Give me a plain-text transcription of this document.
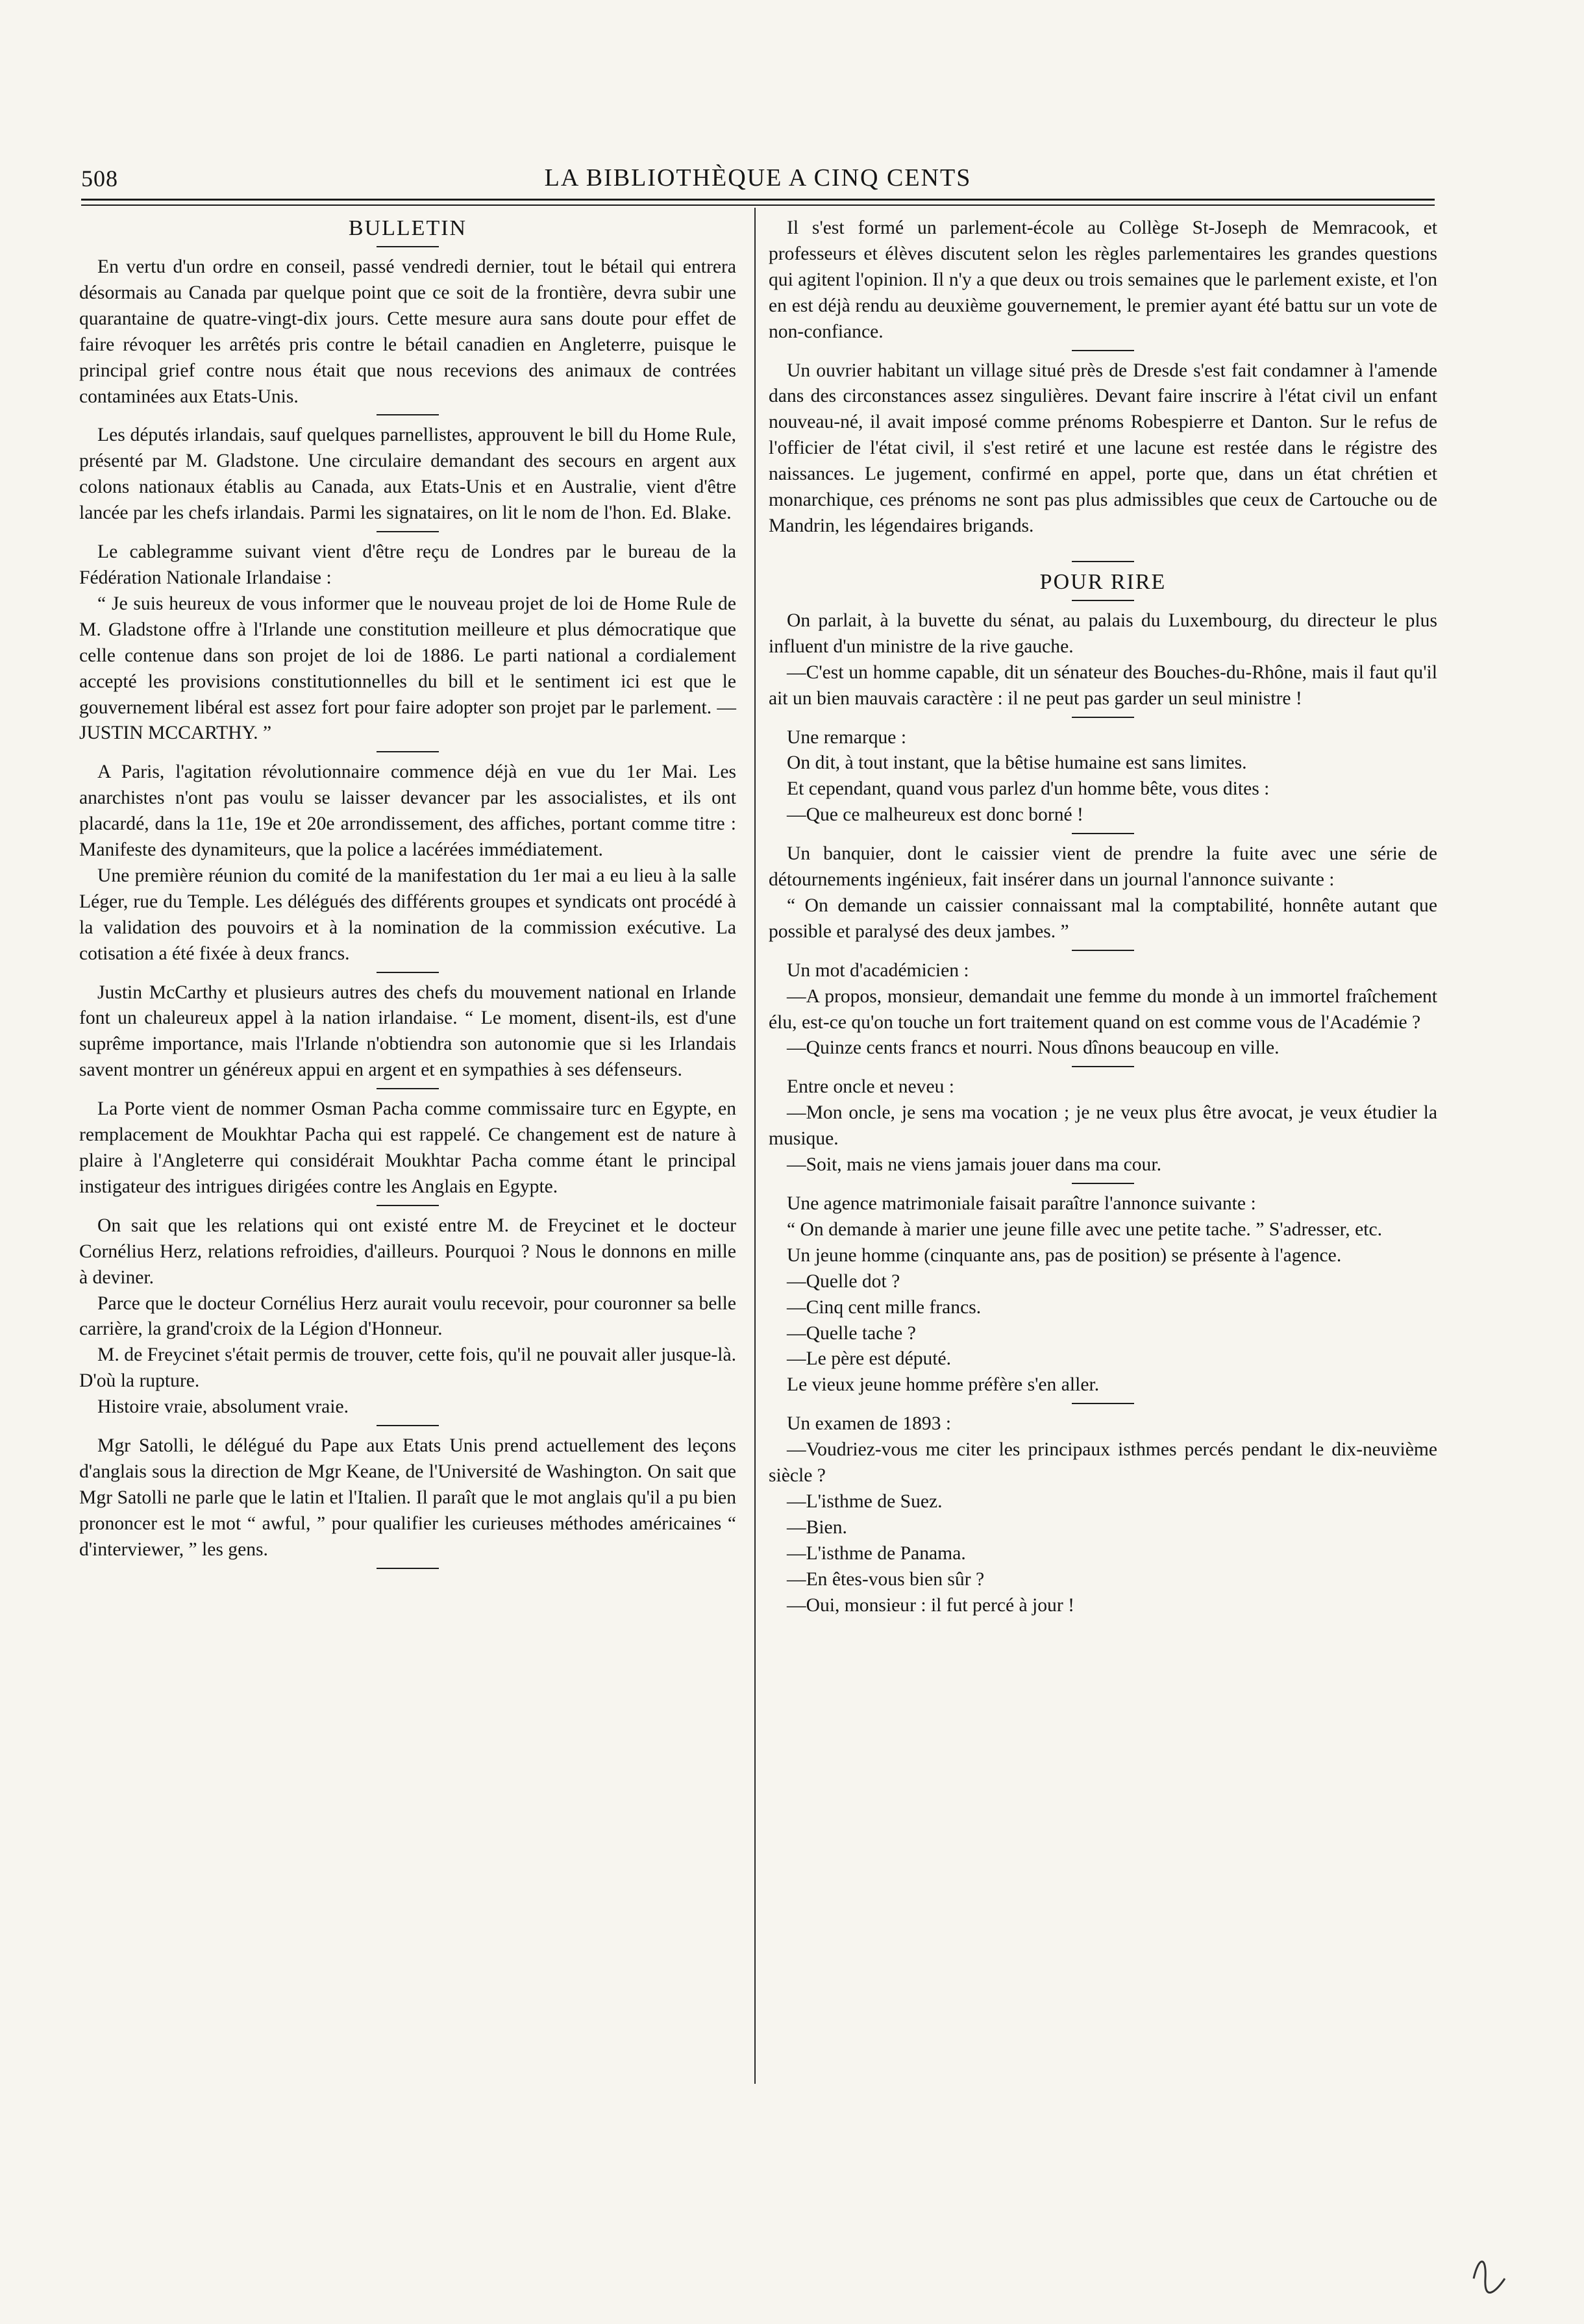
508	LA BIBLIOTHÈQUE A CINQ CENTS
BULLETIN

En vertu d'un ordre en conseil, passé vendredi dernier, tout le bétail qui entrera désormais au Canada par quelque point que ce soit de la frontière, devra subir une quarantaine de quatre-vingt-dix jours. Cette mesure aura sans doute pour effet de faire révoquer les arrêtés pris contre le bétail canadien en Angleterre, puisque le principal grief contre nous était que nous recevions des animaux de contrées contaminées aux Etats-Unis.

Les députés irlandais, sauf quelques parnellistes, approuvent le bill du Home Rule, présenté par M. Gladstone. Une circulaire demandant des secours en argent aux colons nationaux établis au Canada, aux Etats-Unis et en Australie, vient d'être lancée par les chefs irlandais. Parmi les signataires, on lit le nom de l'hon. Ed. Blake.

Le cablegramme suivant vient d'être reçu de Londres par le bureau de la Fédération Nationale Irlandaise :

“ Je suis heureux de vous informer que le nouveau projet de loi de Home Rule de M. Gladstone offre à l'Irlande une constitution meilleure et plus démocratique que celle contenue dans son projet de loi de 1886. Le parti national a cordialement accepté les provisions constitutionnelles du bill et le sentiment ici est que le gouvernement libéral est assez fort pour faire adopter son projet par le parlement. — JUSTIN MCCARTHY. ”

A Paris, l'agitation révolutionnaire commence déjà en vue du 1er Mai. Les anarchistes n'ont pas voulu se laisser devancer par les associalistes, et ils ont placardé, dans la 11e, 19e et 20e arrondissement, des affiches, portant comme titre : Manifeste des dynamiteurs, que la police a lacérées immédiatement.

Une première réunion du comité de la manifestation du 1er mai a eu lieu à la salle Léger, rue du Temple. Les délégués des différents groupes et syndicats ont procédé à la validation des pouvoirs et à la nomination de la commission exécutive. La cotisation a été fixée à deux francs.

Justin McCarthy et plusieurs autres des chefs du mouvement national en Irlande font un chaleureux appel à la nation irlandaise. “ Le moment, disent-ils, est d'une suprême importance, mais l'Irlande n'obtiendra son autonomie que si les Irlandais savent montrer un généreux appui en argent et en sympathies à ses défenseurs.

La Porte vient de nommer Osman Pacha comme commissaire turc en Egypte, en remplacement de Moukhtar Pacha qui est rappelé. Ce changement est de nature à plaire à l'Angleterre qui considérait Moukhtar Pacha comme étant le principal instigateur des intrigues dirigées contre les Anglais en Egypte.

On sait que les relations qui ont existé entre M. de Freycinet et le docteur Cornélius Herz, relations refroidies, d'ailleurs. Pourquoi ? Nous le donnons en mille à deviner.

Parce que le docteur Cornélius Herz aurait voulu recevoir, pour couronner sa belle carrière, la grand'croix de la Légion d'Honneur.

M. de Freycinet s'était permis de trouver, cette fois, qu'il ne pouvait aller jusque-là. D'où la rupture.

Histoire vraie, absolument vraie.

Mgr Satolli, le délégué du Pape aux Etats Unis prend actuellement des leçons d'anglais sous la direction de Mgr Keane, de l'Université de Washington. On sait que Mgr Satolli ne parle que le latin et l'Italien. Il paraît que le mot anglais qu'il a pu bien prononcer est le mot “ awful, ” pour qualifier les curieuses méthodes américaines “ d'interviewer, ” les gens.

Il s'est formé un parlement-école au Collège St-Joseph de Memracook, et professeurs et élèves discutent selon les règles parlementaires les grandes questions qui agitent l'opinion. Il n'y a que deux ou trois semaines que le parlement existe, et l'on en est déjà rendu au deuxième gouvernement, le premier ayant été battu sur un vote de non-confiance.

Un ouvrier habitant un village situé près de Dresde s'est fait condamner à l'amende dans des circonstances assez singulières. Devant faire inscrire à l'état civil un enfant nouveau-né, il avait imposé comme prénoms Robespierre et Danton. Sur le refus de l'officier de l'état civil, il s'est retiré et une lacune est restée dans le régistre des naissances. Le jugement, confirmé en appel, porte que, dans un état chrétien et monarchique, ces prénoms ne sont pas plus admissibles que ceux de Cartouche ou de Mandrin, les légendaires brigands.

POUR RIRE

On parlait, à la buvette du sénat, au palais du Luxembourg, du directeur le plus influent d'un ministre de la rive gauche.

—C'est un homme capable, dit un sénateur des Bouches-du-Rhône, mais il faut qu'il ait un bien mauvais caractère : il ne peut pas garder un seul ministre !

Une remarque :

On dit, à tout instant, que la bêtise humaine est sans limites.

Et cependant, quand vous parlez d'un homme bête, vous dites :

—Que ce malheureux est donc borné !

Un banquier, dont le caissier vient de prendre la fuite avec une série de détournements ingénieux, fait insérer dans un journal l'annonce suivante :

“ On demande un caissier connaissant mal la comptabilité, honnête autant que possible et paralysé des deux jambes. ”

Un mot d'académicien :

—A propos, monsieur, demandait une femme du monde à un immortel fraîchement élu, est-ce qu'on touche un fort traitement quand on est comme vous de l'Académie ?

—Quinze cents francs et nourri. Nous dînons beaucoup en ville.

Entre oncle et neveu :

—Mon oncle, je sens ma vocation ; je ne veux plus être avocat, je veux étudier la musique.

—Soit, mais ne viens jamais jouer dans ma cour.

Une agence matrimoniale faisait paraître l'annonce suivante :

“ On demande à marier une jeune fille avec une petite tache. ” S'adresser, etc.

Un jeune homme (cinquante ans, pas de position) se présente à l'agence.

—Quelle dot ?

—Cinq cent mille francs.

—Quelle tache ?

—Le père est député.

Le vieux jeune homme préfère s'en aller.

Un examen de 1893 :

—Voudriez-vous me citer les principaux isthmes percés pendant le dix-neuvième siècle ?

—L'isthme de Suez.

—Bien.

—L'isthme de Panama.

—En êtes-vous bien sûr ?

—Oui, monsieur : il fut percé à jour !
